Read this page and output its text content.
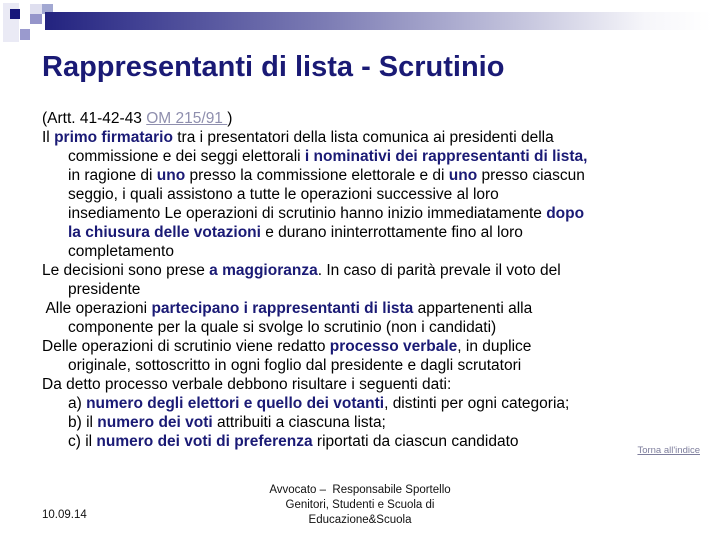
Rappresentanti di lista - Scrutinio
(Artt. 41-42-43 OM 215/91 )
Il primo firmatario tra i presentatori della lista comunica ai presidenti della
commissione e dei seggi elettorali i nominativi dei rappresentanti di lista,
in ragione di uno presso la commissione elettorale e di uno presso ciascun
seggio, i quali assistono a tutte le operazioni successive al loro
insediamento Le operazioni di scrutinio hanno inizio immediatamente dopo
la chiusura delle votazioni e durano ininterrottamente fino al loro
completamento
Le decisioni sono prese a maggioranza. In caso di parità prevale il voto del
presidente
Alle operazioni partecipano i rappresentanti di lista appartenenti alla
componente per la quale si svolge lo scrutinio (non i candidati)
Delle operazioni di scrutinio viene redatto processo verbale, in duplice
originale, sottoscritto in ogni foglio dal presidente e dagli scrutatori
Da detto processo verbale debbono risultare i seguenti dati:
a) numero degli elettori e quello dei votanti, distinti per ogni categoria;
b) il numero dei voti attribuiti a ciascuna lista;
c) il numero dei voti di preferenza riportati da ciascun candidato
Torna all'indice
Avvocato –  Responsabile Sportello
Genitori, Studenti e Scuola di
Educazione&Scuola
10.09.14
